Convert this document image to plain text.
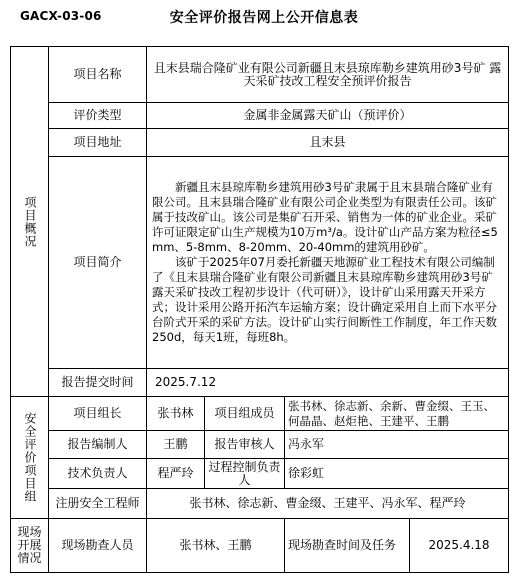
GACX-03-06	安全评价报告网上公开信息表
项目概况	项目名称	且末县瑞合隆矿业有限公司新疆且末县琼库勒乡建筑用砂3号矿 露天采矿技改工程安全预评价报告			
	评价类型	金属非金属露天矿山（预评价）			
	项目地址	且末县			
	项目简介	新疆且末县琼库勒乡建筑用砂3号矿隶属于且末县瑞合隆矿业有限公司。且末县瑞合隆矿业有限公司企业类型为有限责任公司。该矿属于技改矿山。该公司是集矿石开采、销售为一体的矿业企业。采矿许可证限定矿山生产规模为10万m³/a。设计矿山产品方案为粒径≤5mm、5-8mm、8-20mm、20-40mm的建筑用砂矿。

该矿于2025年07月委托新疆天地源矿业工程技术有限公司编制了《且末县瑞合隆矿业有限公司新疆且末县琼库勒乡建筑用砂3号矿露天采矿技改工程初步设计（代可研）》，设计矿山采用露天开采方式；设计采用公路开拓汽车运输方案；设计确定采用自上而下水平分台阶式开采的采矿方法。设计矿山实行间断性工作制度，年工作天数250d，每天1班，每班8h。			

	报告提交时间	2025.7.12			
安全评价项目组	项目组长	张书林	项目组成员	张书林、徐志新、余新、曹金缀、王玉、何晶晶、赵炬艳、王建平、王鹏	
	报告编制人	王鹏	报告审核人	冯永军	
	技术负责人	程严玲	过程控制负责人	徐彩虹	
	注册安全工程师	张书林、徐志新、曹金缀、王建平、冯永军、程严玲			
现场开展情况	现场勘查人员	张书林、王鹏		现场勘查时间及任务	2025.4.18
